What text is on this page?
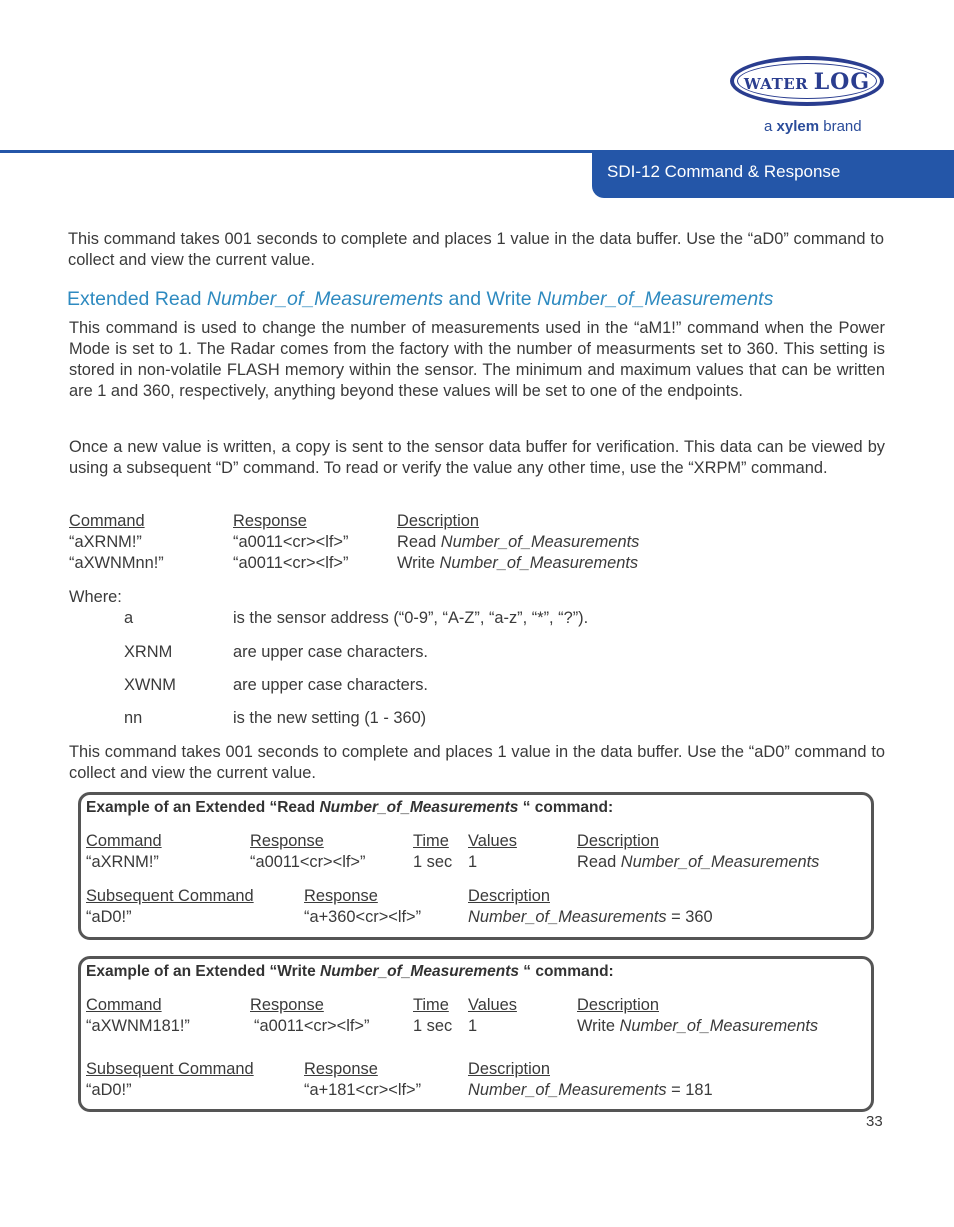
WATER LOG
a xylem brand
SDI-12 Command & Response

This command takes 001 seconds to complete and places 1 value in the data buffer. Use the “aD0” command to collect and view the current value.

Extended Read Number_of_Measurements and Write Number_of_Measurements

This command is used to change the number of measurements used in the “aM1!” command when the Power Mode is set to 1. The Radar comes from the factory with the number of measurments set to 360. This setting is stored in non-volatile FLASH memory within the sensor. The minimum and maximum values that can be written are 1 and 360, respectively, anything beyond these values will be set to one of the endpoints.

Once a new value is written, a copy is sent to the sensor data buffer for verification. This data can be viewed by using a subsequent “D” command. To read or verify the value any other time, use the “XRPM” command.

Command	Response	Description
“aXRNM!”	“a0011<cr><lf>”	Read Number_of_Measurements
“aXWNMnn!”	“a0011<cr><lf>”	Write Number_of_Measurements
Where:
a	is the sensor address (“0-9”, “A-Z”, “a-z”, “*”, “?”).
XRNM	are upper case characters.
XWNM	are upper case characters.
nn	is the new setting (1 - 360)

This command takes 001 seconds to complete and places 1 value in the data buffer. Use the “aD0” command to collect and view the current value.

Example of an Extended “Read Number_of_Measurements “ command:
Command	Response	Time Values	Description
“aXRNM!”	“a0011<cr><lf>”	1 sec 1	Read Number_of_Measurements
Subsequent Command	Response	Description
“aD0!”	“a+360<cr><lf>”	Number_of_Measurements = 360
Example of an Extended “Write Number_of_Measurements “ command:
Command	Response	Time Values	Description
“aXWNM181!”	“a0011<cr><lf>”	1 sec 1	Write Number_of_Measurements
Subsequent Command	Response	Description
“aD0!”	“a+181<cr><lf>”	Number_of_Measurements = 181
33
